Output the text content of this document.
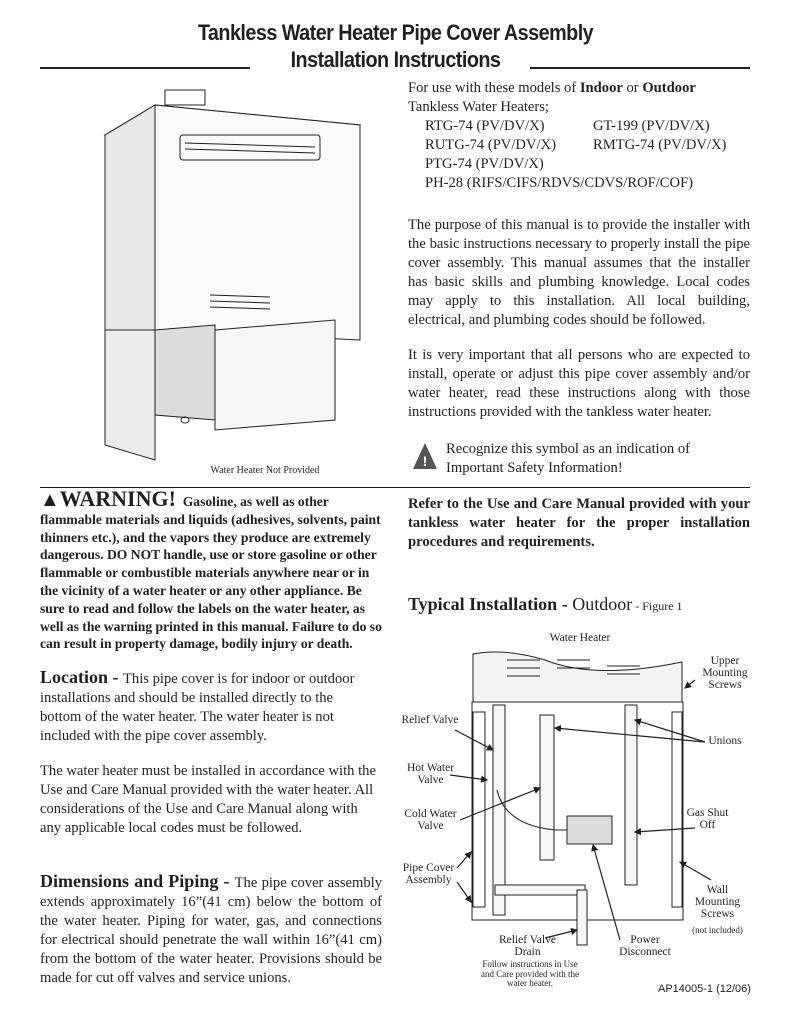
Tankless Water Heater Pipe Cover Assembly
Installation Instructions
Water Heater Not Provided
For use with these models of Indoor or Outdoor Tankless Water Heaters;
RTG-74 (PV/DV/X)	GT-199 (PV/DV/X)
RUTG-74 (PV/DV/X)	RMTG-74 (PV/DV/X)
PTG-74 (PV/DV/X)	
PH-28 (RIFS/CIFS/RDVS/CDVS/ROF/COF)	
The purpose of this manual is to provide the installer with the basic instructions necessary to properly install the pipe cover assembly. This manual assumes that the installer has basic skills and plumbing knowledge. Local codes may apply to this installation. All local building, electrical, and plumbing codes should be followed.
It is very important that all persons who are expected to install, operate or adjust this pipe cover assembly and/or water heater, read these instructions along with those instructions provided with the tankless water heater.
!
Recognize this symbol as an indication of Important Safety Information!
▲WARNING! Gasoline, as well as other flammable materials and liquids (adhesives, solvents, paint thinners etc.), and the vapors they produce are extremely dangerous. DO NOT handle, use or store gasoline or other flammable or combustible materials anywhere near or in the vicinity of a water heater or any other appliance. Be sure to read and follow the labels on the water heater, as well as the warning printed in this manual. Failure to do so can result in property damage, bodily injury or death.
Refer to the Use and Care Manual provided with your tankless water heater for the proper installation procedures and requirements.
Location - This pipe cover is for indoor or outdoor installations and should be installed directly to the bottom of the water heater. The water heater is not included with the pipe cover assembly.
The water heater must be installed in accordance with the Use and Care Manual provided with the water heater. All considerations of the Use and Care Manual along with any applicable local codes must be followed.
Dimensions and Piping - The pipe cover assembly extends approximately 16”(41 cm) below the bottom of the water heater. Piping for water, gas, and connections for electrical should penetrate the wall within 16”(41 cm) from the bottom of the water heater. Provisions should be made for cut off valves and service unions.
Typical Installation - Outdoor - Figure 1
Water Heater
Upper Mounting Screws
Relief Valve
Unions
Hot Water Valve
Cold Water Valve
Gas Shut Off
Pipe Cover Assembly
Wall Mounting Screws
(not included)
Relief Valve Drain
Follow instructions in Use and Care provided with the water heater.
Power Disconnect
AP14005-1 (12/06)
